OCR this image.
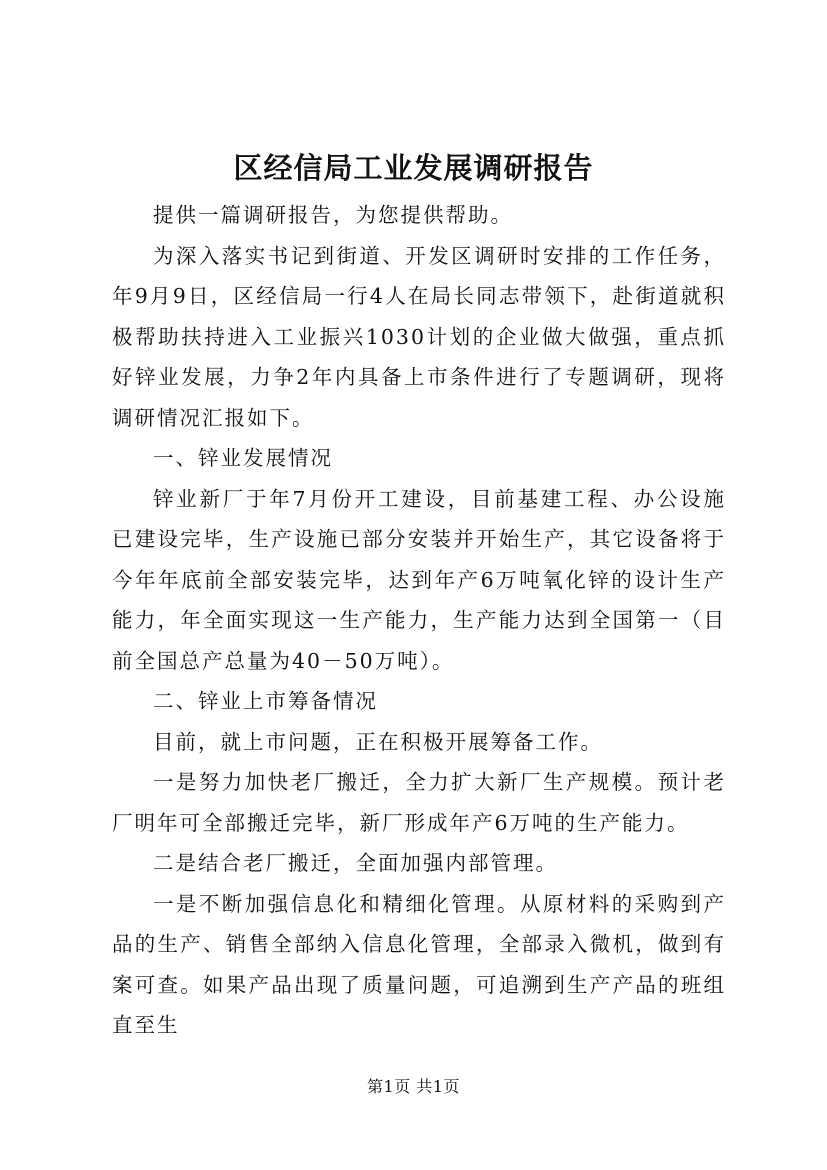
区经信局工业发展调研报告

提供一篇调研报告，为您提供帮助。

为深入落实书记到街道、开发区调研时安排的工作任务，年9月9日，区经信局一行4人在局长同志带领下，赴街道就积极帮助扶持进入工业振兴1030计划的企业做大做强，重点抓好锌业发展，力争2年内具备上市条件进行了专题调研，现将调研情况汇报如下。

一、锌业发展情况

锌业新厂于年7月份开工建设，目前基建工程、办公设施已建设完毕，生产设施已部分安装并开始生产，其它设备将于今年年底前全部安装完毕，达到年产6万吨氧化锌的设计生产能力，年全面实现这一生产能力，生产能力达到全国第一（目前全国总产总量为40－50万吨）。

二、锌业上市筹备情况

目前，就上市问题，正在积极开展筹备工作。

一是努力加快老厂搬迁，全力扩大新厂生产规模。预计老厂明年可全部搬迁完毕，新厂形成年产6万吨的生产能力。

二是结合老厂搬迁，全面加强内部管理。

一是不断加强信息化和精细化管理。从原材料的采购到产品的生产、销售全部纳入信息化管理，全部录入微机，做到有案可查。如果产品出现了质量问题，可追溯到生产产品的班组直至生

第1页 共1页
